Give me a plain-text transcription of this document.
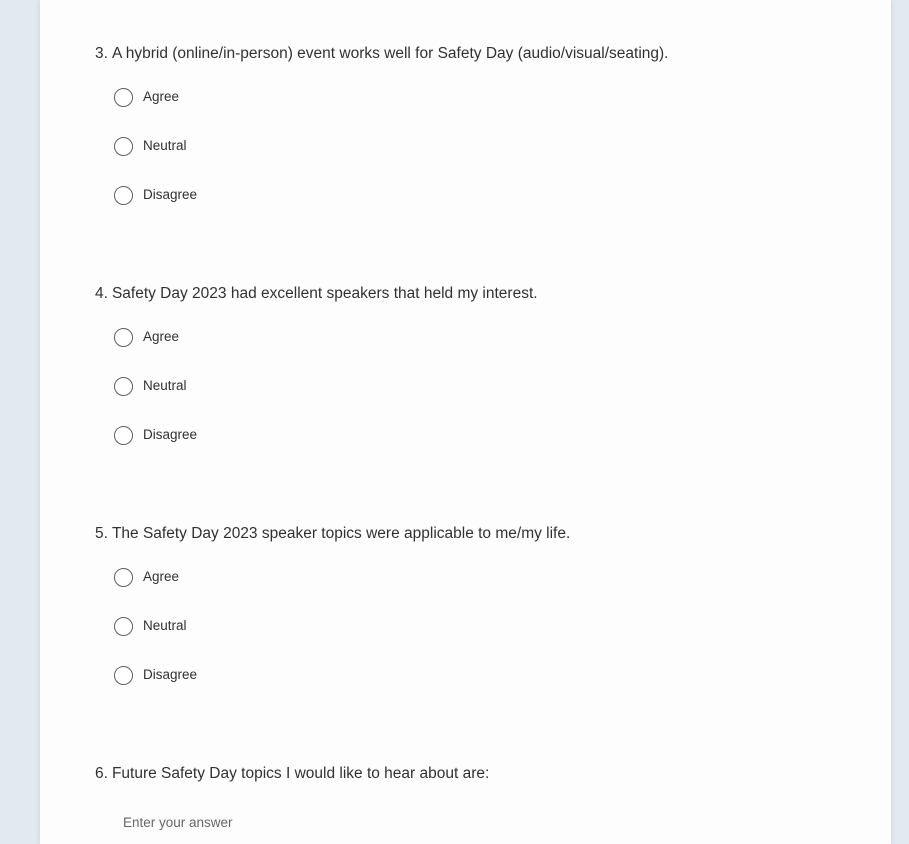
3. A hybrid (online/in-person) event works well for Safety Day (audio/visual/seating).
Agree
Neutral
Disagree
4. Safety Day 2023 had excellent speakers that held my interest.
Agree
Neutral
Disagree
5. The Safety Day 2023 speaker topics were applicable to me/my life.
Agree
Neutral
Disagree
6. Future Safety Day topics I would like to hear about are:
Enter your answer
